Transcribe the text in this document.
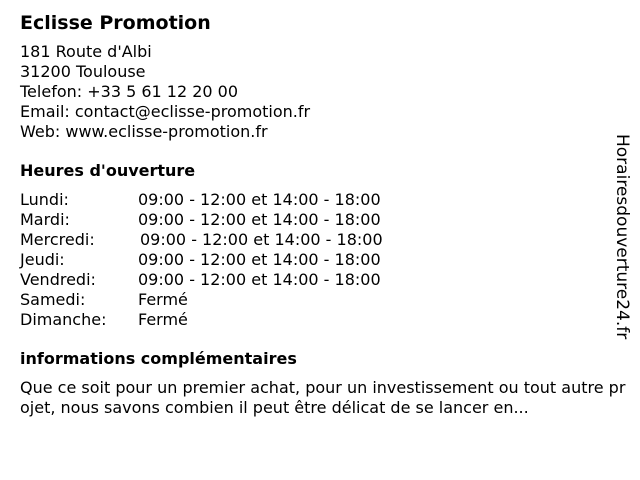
Eclisse Promotion
181 Route d'Albi
31200 Toulouse
Telefon: +33 5 61 12 20 00
Email: contact@eclisse-promotion.fr
Web: www.eclisse-promotion.fr
Heures d'ouverture
Lundi:	09:00 - 12:00 et 14:00 - 18:00
Mardi:	09:00 - 12:00 et 14:00 - 18:00
Mercredi:	09:00 - 12:00 et 14:00 - 18:00
Jeudi:	09:00 - 12:00 et 14:00 - 18:00
Vendredi:	09:00 - 12:00 et 14:00 - 18:00
Samedi:	Fermé
Dimanche:	Fermé
informations complémentaires

Que ce soit pour un premier achat, pour un investissement ou tout autre projet, nous savons combien il peut être délicat de se lancer en...

Horairesdouverture24.fr
